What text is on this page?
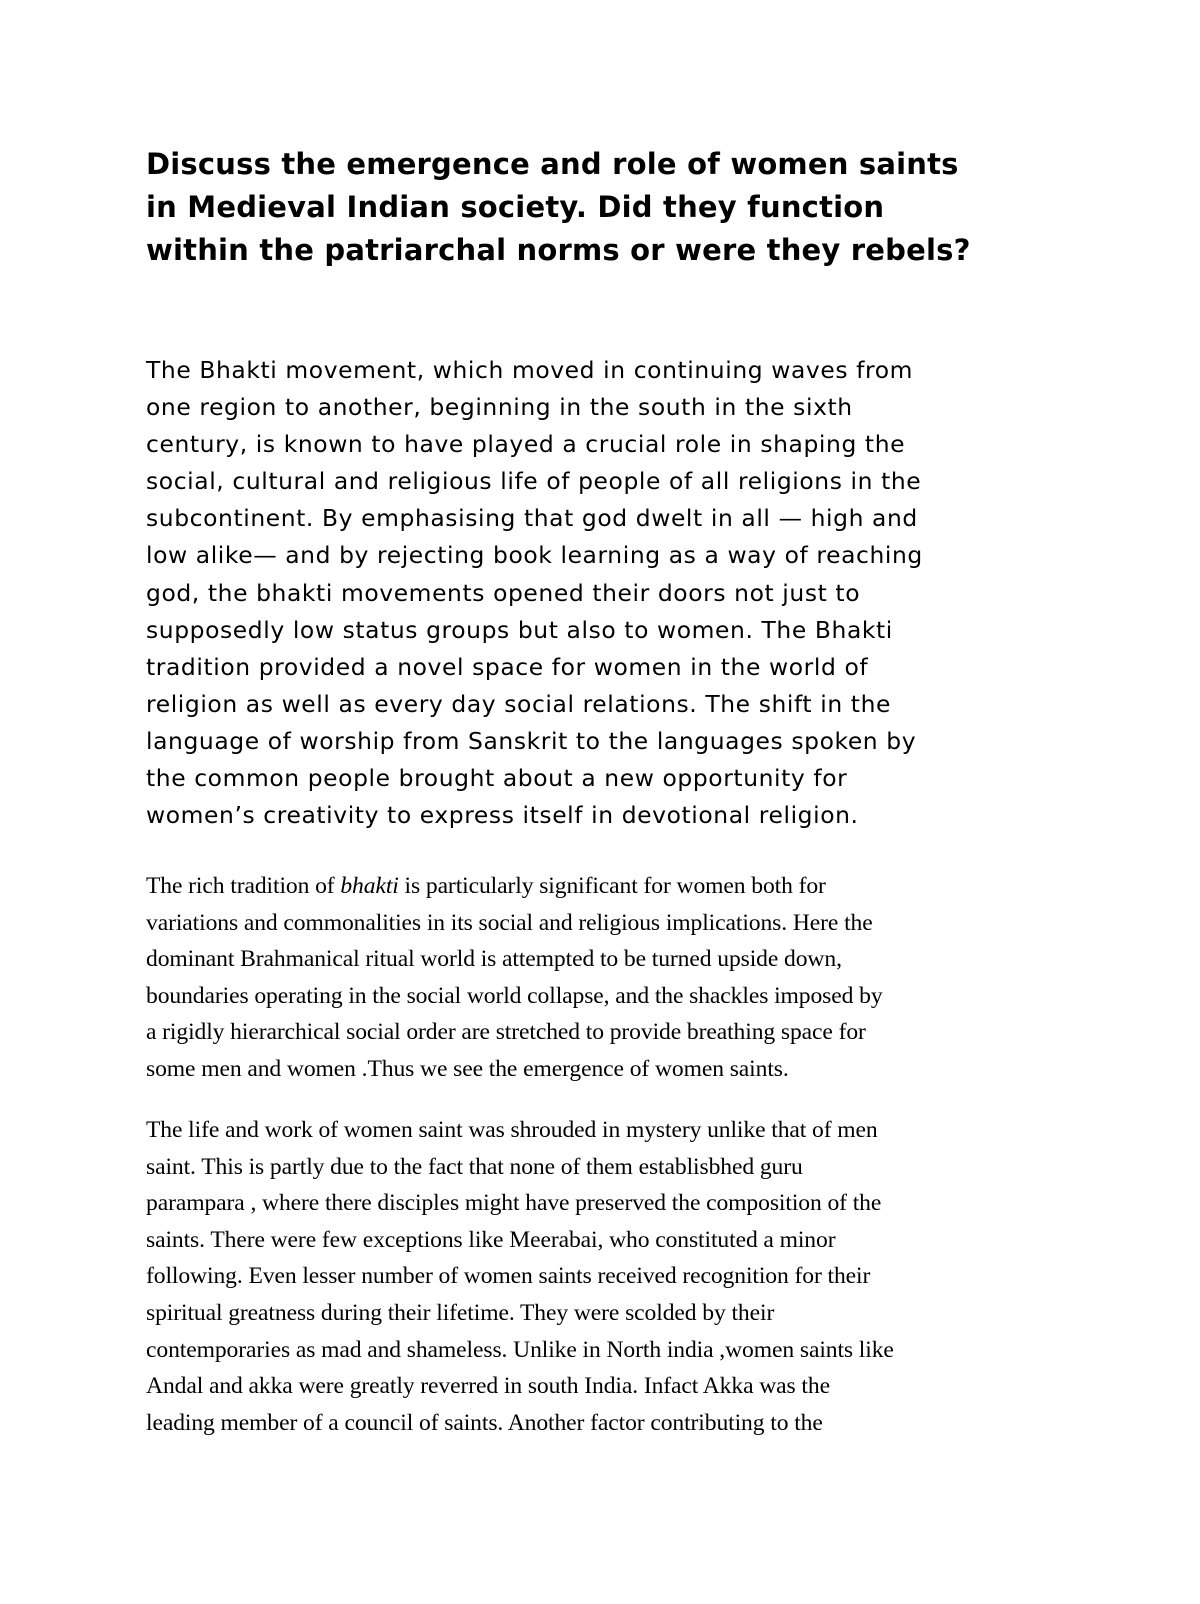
Discuss the emergence and role of women saints
in Medieval Indian society. Did they function
within the patriarchal norms or were they rebels?

The Bhakti movement, which moved in continuing waves from
one region to another, beginning in the south in the sixth
century, is known to have played a crucial role in shaping the
social, cultural and religious life of people of all religions in the
subcontinent. By emphasising that god dwelt in all — high and
low alike— and by rejecting book learning as a way of reaching
god, the bhakti movements opened their doors not just to
supposedly low status groups but also to women. The Bhakti
tradition provided a novel space for women in the world of
religion as well as every day social relations. The shift in the
language of worship from Sanskrit to the languages spoken by
the common people brought about a new opportunity for
women’s creativity to express itself in devotional religion.

The rich tradition of bhakti is particularly significant for women both for
variations and commonalities in its social and religious implications. Here the
dominant Brahmanical ritual world is attempted to be turned upside down,
boundaries operating in the social world collapse, and the shackles imposed by
a rigidly hierarchical social order are stretched to provide breathing space for
some men and women .Thus we see the emergence of women saints.

The life and work of women saint was shrouded in mystery unlike that of men
saint. This is partly due to the fact that none of them establisbhed guru
parampara , where there disciples might have preserved the composition of the
saints. There were few exceptions like Meerabai, who constituted a minor
following. Even lesser number of women saints received recognition for their
spiritual greatness during their lifetime. They were scolded by their
contemporaries as mad and shameless. Unlike in North india ,women saints like
Andal and akka were greatly reverred in south India. Infact Akka was the
leading member of a council of saints. Another factor contributing to the
